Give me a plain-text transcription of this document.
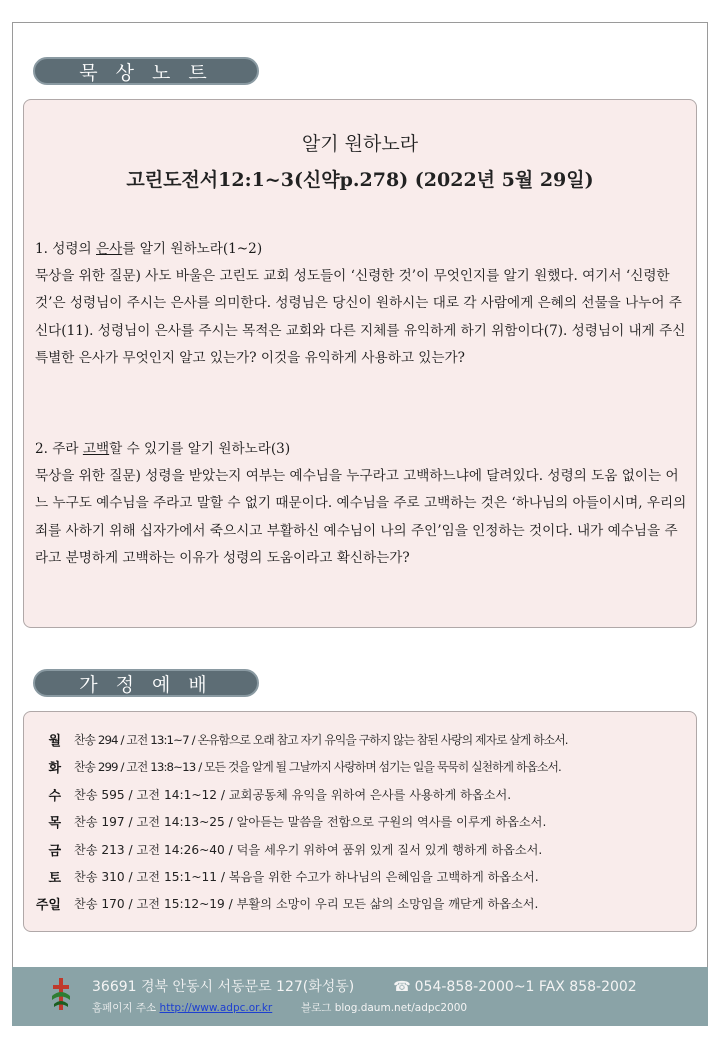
묵 상 노 트
알기 원하노라
고린도전서12:1~3(신약p.278) (2022년 5월 29일)

1. 성령의 은사를 알기 원하노라(1~2)

묵상을 위한 질문) 사도 바울은 고린도 교회 성도들이 ‘신령한 것’이 무엇인지를 알기 원했다. 여기서 ‘신령한 것’은 성령님이 주시는 은사를 의미한다. 성령님은 당신이 원하시는 대로 각 사람에게 은혜의 선물을 나누어 주신다(11). 성령님이 은사를 주시는 목적은 교회와 다른 지체를 유익하게 하기 위함이다(7). 성령님이 내게 주신 특별한 은사가 무엇인지 알고 있는가? 이것을 유익하게 사용하고 있는가?

2. 주라 고백할 수 있기를 알기 원하노라(3)

묵상을 위한 질문) 성령을 받았는지 여부는 예수님을 누구라고 고백하느냐에 달려있다. 성령의 도움 없이는 어느 누구도 예수님을 주라고 말할 수 없기 때문이다. 예수님을 주로 고백하는 것은 ‘하나님의 아들이시며, 우리의 죄를 사하기 위해 십자가에서 죽으시고 부활하신 예수님이 나의 주인’임을 인정하는 것이다. 내가 예수님을 주라고 분명하게 고백하는 이유가 성령의 도움이라고 확신하는가?

가 정 예 배
월 찬송 294 / 고전 13:1~7 / 온유함으로 오래 참고 자기 유익을 구하지 않는 참된 사랑의 제자로 살게 하소서.
화 찬송 299 / 고전 13:8~13 / 모든 것을 알게 될 그날까지 사랑하며 섬기는 일을 묵묵히 실천하게 하옵소서.
수 찬송 595 / 고전 14:1~12 / 교회공동체 유익을 위하여 은사를 사용하게 하옵소서.
목 찬송 197 / 고전 14:13~25 / 알아듣는 말씀을 전함으로 구원의 역사를 이루게 하옵소서.
금 찬송 213 / 고전 14:26~40 / 덕을 세우기 위하여 품위 있게 질서 있게 행하게 하옵소서.
토 찬송 310 / 고전 15:1~11 / 복음을 위한 수고가 하나님의 은혜임을 고백하게 하옵소서.
주일 찬송 170 / 고전 15:12~19 / 부활의 소망이 우리 모든 삶의 소망임을 깨닫게 하옵소서.
36691 경북 안동시 서동문로 127(화성동)	☎ 054-858-2000~1 FAX 858-2002
홈페이지 주소 http://www.adpc.or.kr	블로그 blog.daum.net/adpc2000
